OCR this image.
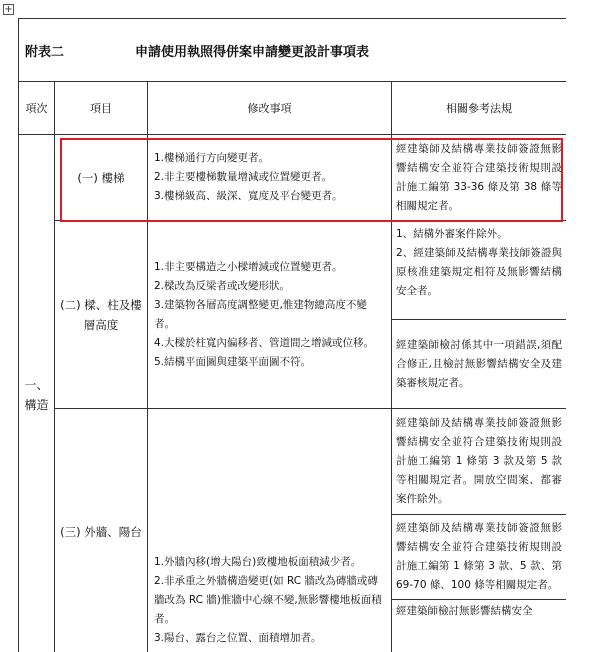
+
附表二 申請使用執照得併案申請變更設計事項表			
項次	項目	修改事項	相關參考法規
一、構造	(一) 樓梯	1.樓梯通行方向變更者。
2.非主要樓梯數量增減或位置變更者。
3.樓梯級高、級深、寬度及平台變更者。	經建築師及結構專業技師簽證無影響結構安全並符合建築技術規則設計施工編第 33-36 條及第 38 條等相關規定者。

	(二) 樑、柱及樓層高度	1.非主要構造之小樑增減或位置變更者。
2.樑改為反梁者或改變形狀。
3.建築物各層高度調整變更,惟建物總高度不變者。
4.大樑於柱寬內偏移者、管道間之增減或位移。
5.結構平面圖與建築平面圖不符。	1、結構外審案件除外。
2、經建築師及結構專業技師簽證與原核准建築規定相符及無影響結構安全者。

			經建築師檢討係其中一項錯誤,須配合修正,且檢討無影響結構安全及建築審核規定者。

	(三) 外牆、陽台	1.外牆內移(增大陽台)致樓地板面積減少者。
2.非承重之外牆構造變更(如 RC 牆改為磚牆或磚牆改為 RC 牆)惟牆中心線不變,無影響樓地板面積者。
3.陽台、露台之位置、面積增加者。	經建築師及結構專業技師簽證無影響結構安全並符合建築技術規則設計施工編第 1 條第 3 款及第 5 款等相關規定者。開放空間案、都審案件除外。

			經建築師及結構專業技師簽證無影響結構安全並符合建築技術規則設計施工編第 1 條第 3 款、5 款、第 69-70 條、100 條等相關規定者。
經建築師檢討無影響結構安全
